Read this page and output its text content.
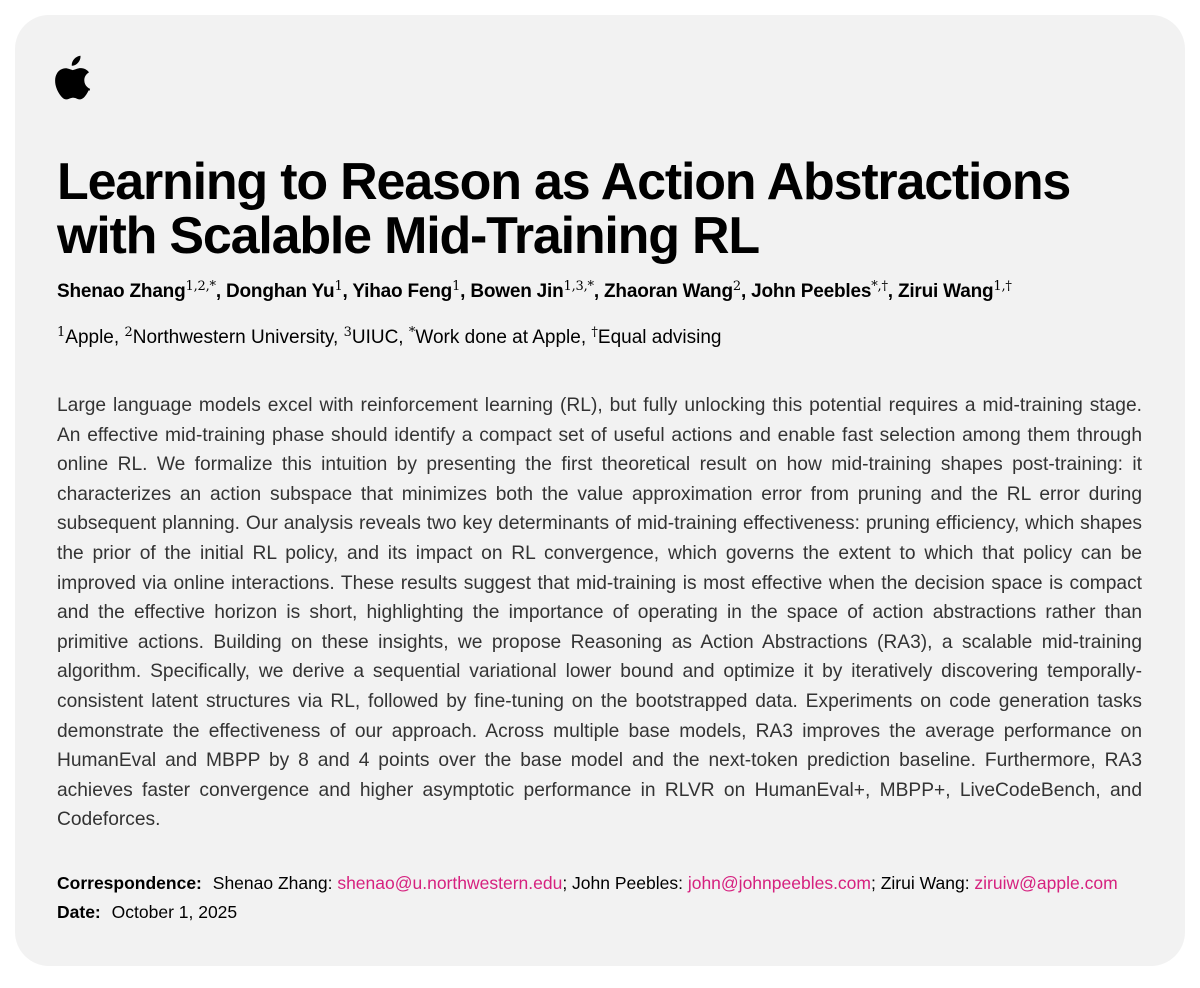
Learning to Reason as Action Abstractions with Scalable Mid-Training RL
Shenao Zhang$^{1,2,*}$, Donghan Yu$^1$, Yihao Feng$^1$, Bowen Jin$^{1,3,*}$, Zhaoran Wang$^2$, John Peebles*,†, Zirui Wang$^{1,\dagger}$
$^1$Apple, $^2$Northwestern University, $^3$UIUC, *Work done at Apple, †Equal advising

Large language models excel with reinforcement learning (RL), but fully unlocking this potential requires a mid-training stage. An effective mid-training phase should identify a compact set of useful actions and enable fast selection among them through online RL. We formalize this intuition by presenting the first theoretical result on how mid-training shapes post-training: it characterizes an action subspace that minimizes both the value approximation error from pruning and the RL error during subsequent planning. Our analysis reveals two key determinants of mid-training effectiveness: pruning efficiency, which shapes the prior of the initial RL policy, and its impact on RL convergence, which governs the extent to which that policy can be improved via online interactions. These results suggest that mid-training is most effective when the decision space is compact and the effective horizon is short, highlighting the importance of operating in the space of action abstractions rather than primitive actions. Building on these insights, we propose Reasoning as Action Abstractions (RA3), a scalable mid-training algorithm. Specifically, we derive a sequential variational lower bound and optimize it by iteratively discovering temporally-consistent latent structures via RL, followed by fine-tuning on the bootstrapped data. Experiments on code generation tasks demonstrate the effectiveness of our approach. Across multiple base models, RA3 improves the average performance on HumanEval and MBPP by 8 and 4 points over the base model and the next-token prediction baseline. Furthermore, RA3 achieves faster convergence and higher asymptotic performance in RLVR on HumanEval+, MBPP+, LiveCodeBench, and Codeforces.

Correspondence: Shenao Zhang: shenao@u.northwestern.edu; John Peebles: john@johnpeebles.com; Zirui Wang: ziruiw@apple.com
Date: October 1, 2025
